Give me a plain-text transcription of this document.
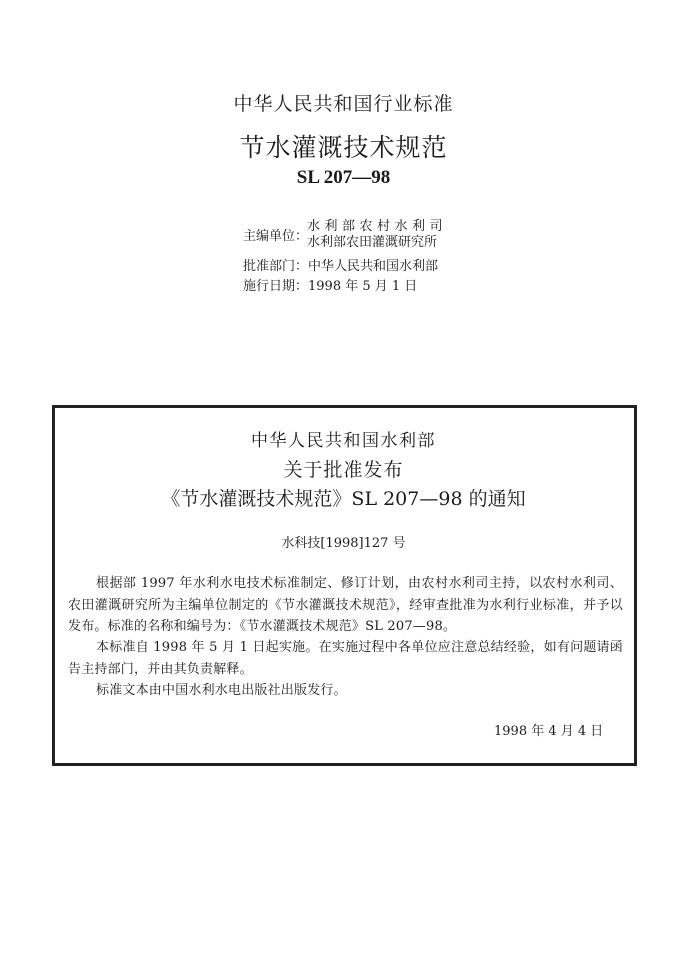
中华人民共和国行业标准
节水灌溉技术规范
SL 207—98
主编单位：
水利部农村水利司
水利部农田灌溉研究所
批准部门：中华人民共和国水利部
施行日期：1998 年 5 月 1 日
中华人民共和国水利部
关于批准发布
《节水灌溉技术规范》SL 207—98 的通知
水科技[1998]127 号
根据部 1997 年水利水电技术标准制定、修订计划，由农村水利司主持，以农村水利司、农田灌溉研究所为主编单位制定的《节水灌溉技术规范》，经审查批准为水利行业标准，并予以发布。标准的名称和编号为：《节水灌溉技术规范》SL 207—98。
本标准自 1998 年 5 月 1 日起实施。在实施过程中各单位应注意总结经验，如有问题请函告主持部门，并由其负责解释。
标准文本由中国水利水电出版社出版发行。
1998 年 4 月 4 日
